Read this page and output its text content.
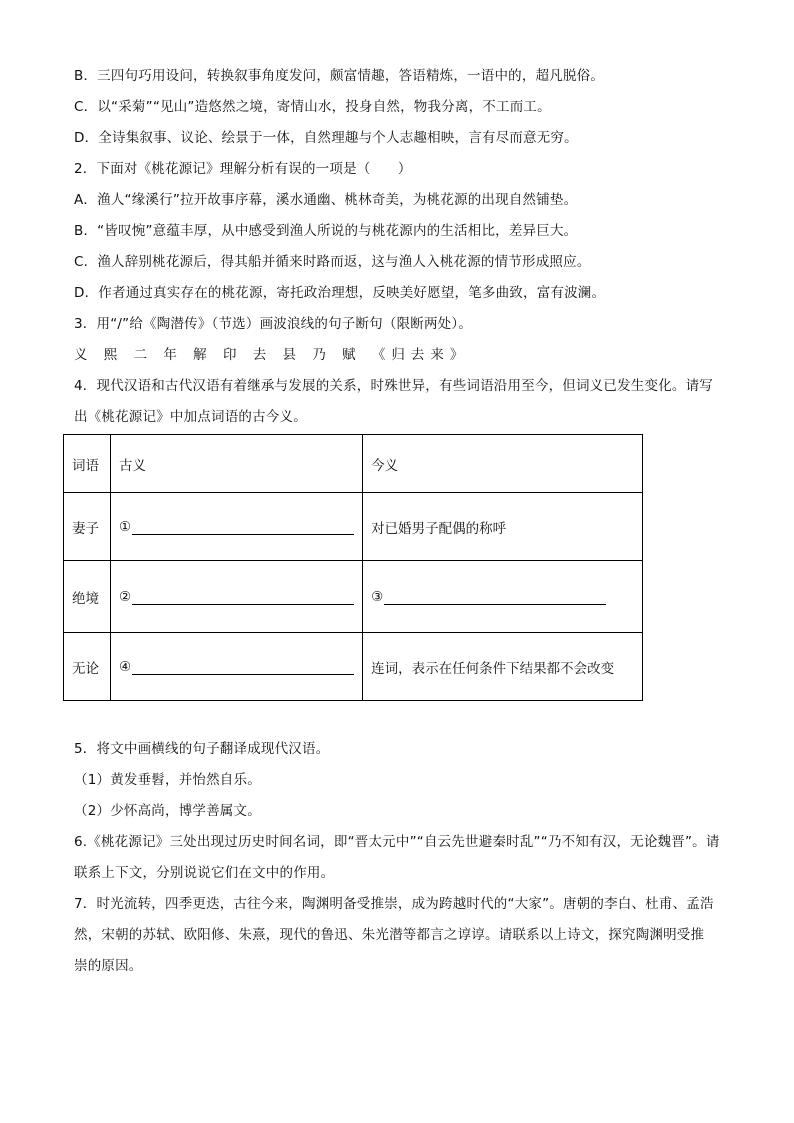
B．三四句巧用设问，转换叙事角度发问，颇富情趣，答语精炼，一语中的，超凡脱俗。
C．以“采菊”“见山”造悠然之境，寄情山水，投身自然，物我分离，不工而工。
D．全诗集叙事、议论、绘景于一体，自然理趣与个人志趣相映，言有尽而意无穷。
2．下面对《桃花源记》理解分析有误的一项是（　　）
A．渔人“缘溪行”拉开故事序幕，溪水通幽、桃林奇美，为桃花源的出现自然铺垫。
B．“皆叹惋”意蕴丰厚，从中感受到渔人所说的与桃花源内的生活相比，差异巨大。
C．渔人辞别桃花源后，得其船并循来时路而返，这与渔人入桃花源的情节形成照应。
D．作者通过真实存在的桃花源，寄托政治理想，反映美好愿望，笔多曲致，富有波澜。
3．用“/”给《陶潜传》（节选）画波浪线的句子断句（限断两处）。
义 熙 二 年 解 印 去 县 乃 赋 《归去来》
4．现代汉语和古代汉语有着继承与发展的关系，时殊世异，有些词语沿用至今，但词义已发生变化。请写
出《桃花源记》中加点词语的古今义。
词语	古义	今义
妻子	①	对已婚男子配偶的称呼
绝境	②	③

无论	④	连词，表示在任何条件下结果都不会改变
5．将文中画横线的句子翻译成现代汉语。
（1）黄发垂髫，并怡然自乐。
（2）少怀高尚，博学善属文。
6.《桃花源记》三处出现过历史时间名词，即“晋太元中”“自云先世避秦时乱”“乃不知有汉，无论魏晋”。请
联系上下文，分别说说它们在文中的作用。
7．时光流转，四季更迭，古往今来，陶渊明备受推崇，成为跨越时代的“大家”。唐朝的李白、杜甫、孟浩
然，宋朝的苏轼、欧阳修、朱熹，现代的鲁迅、朱光潜等都言之谆谆。请联系以上诗文，探究陶渊明受推
崇的原因。
